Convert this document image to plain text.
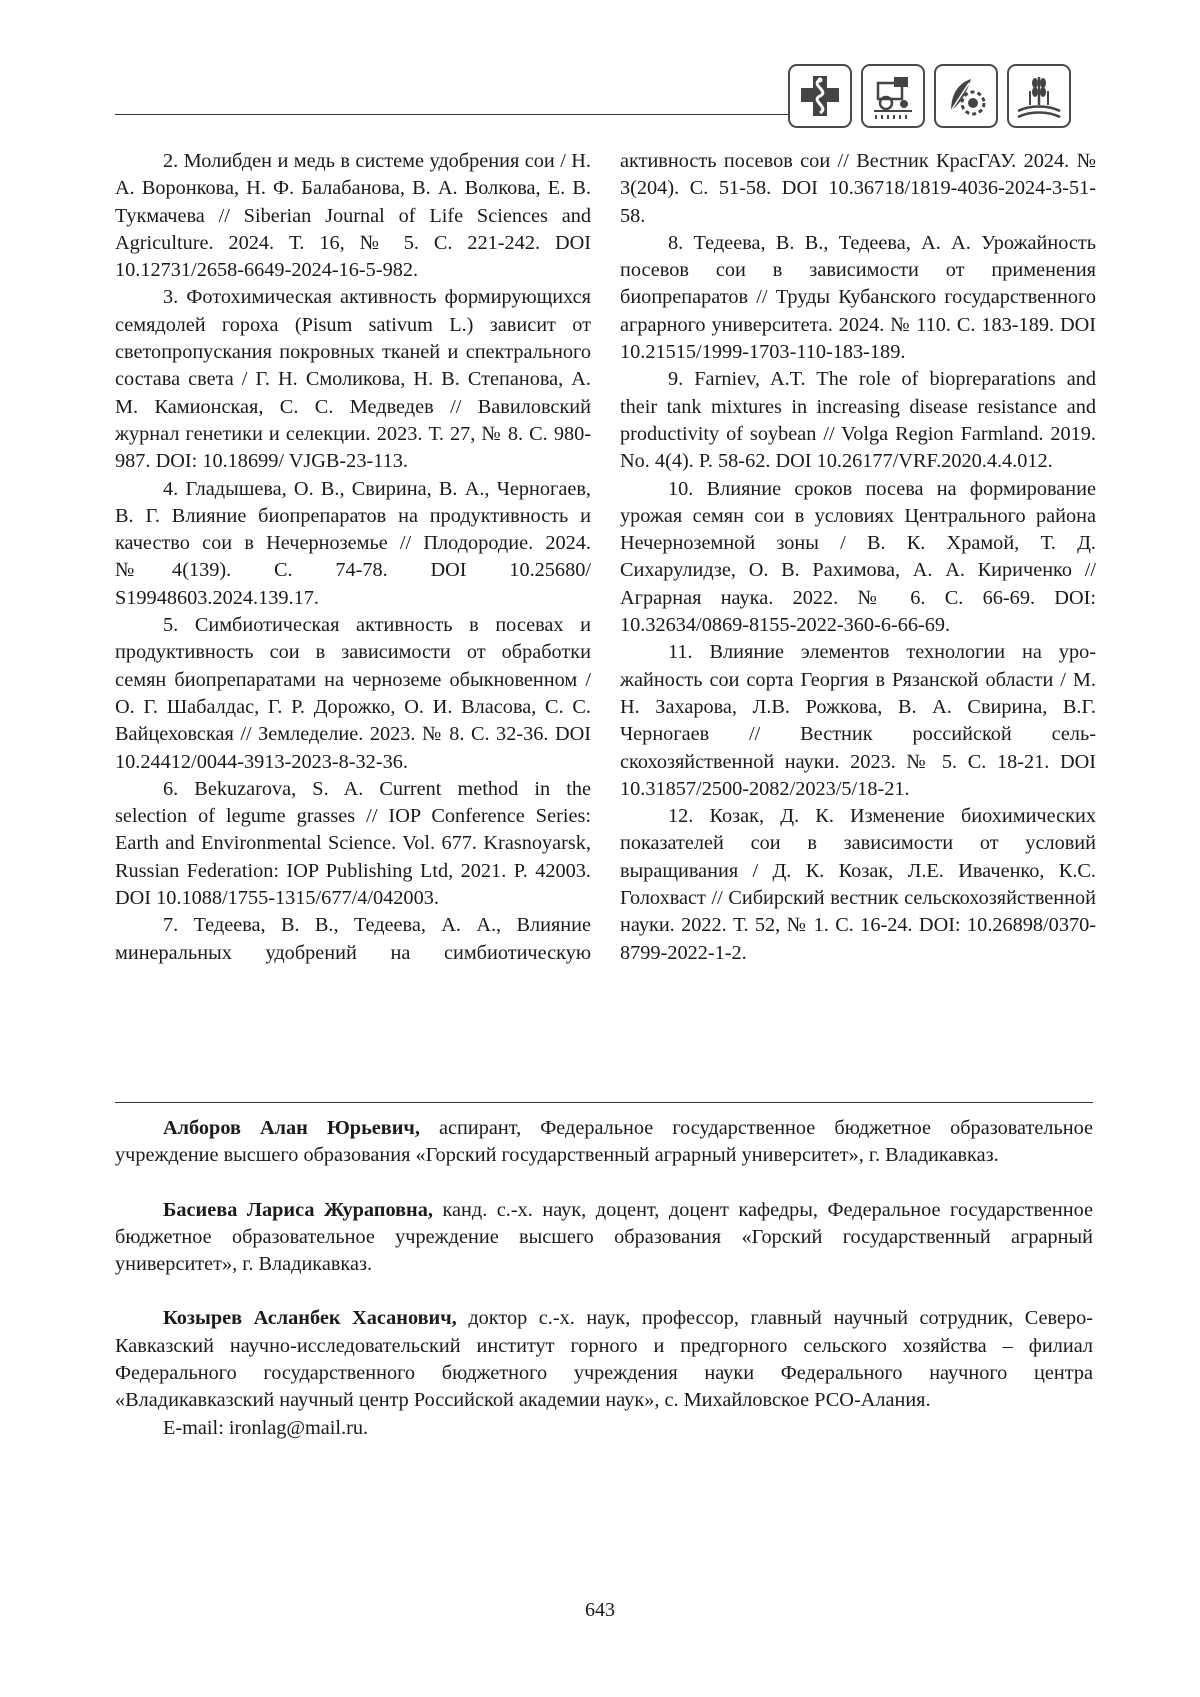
2. Молибден и медь в системе удобрения сои / Н. А. Воронкова, Н. Ф. Балабанова, В. А. Волкова, Е. В. Тукмачева // Siberian Journal of Life Sciences and Agriculture. 2024. Т. 16, № 5. С. 221-242. DOI 10.12731/2658-6649-2024-16-5-982.

3. Фотохимическая активность формирующихся семядолей гороха (Pisum sativum L.) зависит от светопропускания покровных тканей и спектрального состава света / Г. Н. Смоликова, Н. В. Степанова, А. М. Камионская, С. С. Медведев // Вавиловский журнал генетики и селекции. 2023. Т. 27, № 8. С. 980-987. DOI: 10.18699/ VJGB-23-113.

4. Гладышева, О. В., Свирина, В. А., Черногаев, В. Г. Влияние биопрепаратов на продуктивность и качество сои в Нечерноземье // Плодородие. 2024. №4(139). С. 74-78. DOI 10.25680/ S19948603.2024.139.17.

5. Симбиотическая активность в посевах и продуктивность сои в зависимости от обработки семян биопрепаратами на черноземе обыкновенном / О. Г. Шабалдас, Г. Р. Дорожко, О. И. Власова, С. С. Вайцеховская // Земледелие. 2023. № 8. С. 32-36. DOI 10.24412/0044-3913-2023-8-32-36.

6. Bekuzarova, S. A. Current method in the selection of legume grasses // IOP Conference Series: Earth and Environmental Science. Vol. 677. Krasnoyarsk, Russian Federation: IOP Publishing Ltd, 2021. P. 42003. DOI 10.1088/1755-1315/677/4/042003.

7. Тедеева, В. В., Тедеева, А. А., Влияние минеральных удобрений на симбиотическую

активность посевов сои // Вестник КрасГАУ. 2024. № 3(204). С. 51-58. DOI 10.36718/1819-4036-2024-3-51-58.

8. Тедеева, В. В., Тедеева, А. А. Урожайность посевов сои в зависимости от применения биопрепаратов // Труды Кубанского государственного аграрного университета. 2024. № 110. С. 183-189. DOI 10.21515/1999-1703-110-183-189.

9. Farniev, A.T. The role of biopreparations and their tank mixtures in increasing disease resistance and productivity of soybean // Volga Region Farmland. 2019. No. 4(4). P. 58-62. DOI 10.26177/VRF.2020.4.4.012.

10. Влияние сроков посева на формирование урожая семян сои в условиях Центрального района Нечерноземной зоны / В. К. Храмой, Т. Д. Сихарулидзе, О. В. Рахимова, А. А. Кириченко // Аграрная наука. 2022. № 6. С. 66-69. DOI: 10.32634/0869-8155-2022-360-6-66-69.

11. Влияние элементов технологии на урожайность сои сорта Георгия в Рязанской области / М. Н. Захарова, Л.В. Рожкова, В. А. Свирина, В.Г. Черногаев // Вестник российской сельскохозяйственной науки. 2023. № 5. С. 18-21. DOI 10.31857/2500-2082/2023/5/18-21.

12. Козак, Д. К. Изменение биохимических показателей сои в зависимости от условий выращивания / Д. К. Козак, Л.Е. Иваченко, К.С. Голохваст // Сибирский вестник сельскохозяйственной науки. 2022. Т. 52, № 1. С. 16-24. DOI: 10.26898/0370-8799-2022-1-2.

Алборов Алан Юрьевич, аспирант, Федеральное государственное бюджетное образовательное учреждение высшего образования «Горский государственный аграрный университет», г. Владикавказ.

Басиева Лариса Жураповна, канд. с.-х. наук, доцент, доцент кафедры, Федеральное государственное бюджетное образовательное учреждение высшего образования «Горский государственный аграрный университет», г. Владикавказ.

Козырев Асланбек Хасанович, доктор с.-х. наук, профессор, главный научный сотрудник, Северо-Кавказский научно-исследовательский институт горного и предгорного сельского хозяйства – филиал Федерального государственного бюджетного учреждения науки Федерального научного центра «Владикавказский научный центр Российской академии наук», с. Михайловское РСО-Алания.

E-mail: ironlag@mail.ru.

643
